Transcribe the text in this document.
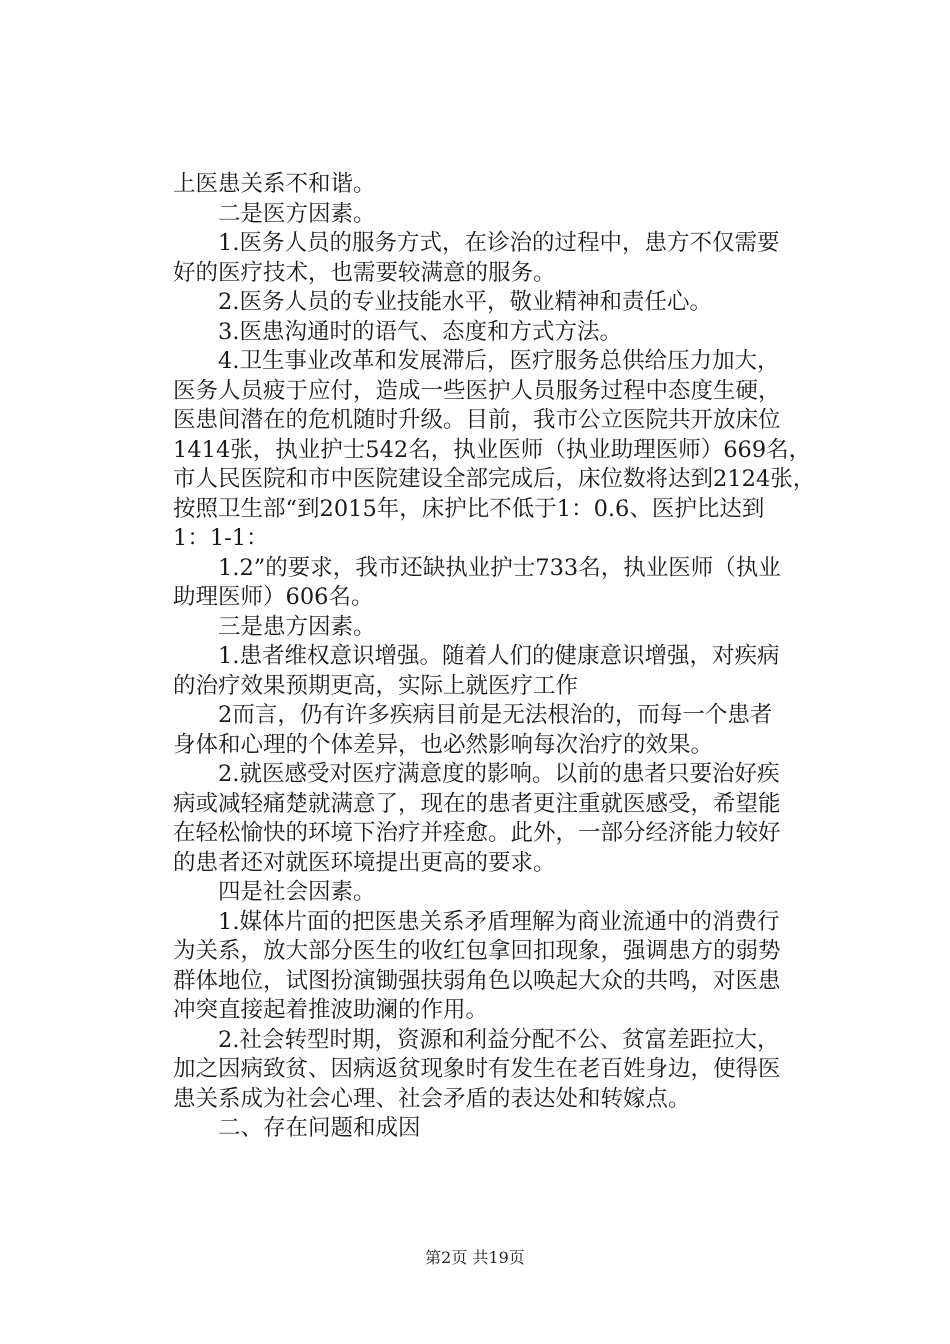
上医患关系不和谐。
二是医方因素。
1.医务人员的服务方式，在诊治的过程中，患方不仅需要
好的医疗技术，也需要较满意的服务。
2.医务人员的专业技能水平，敬业精神和责任心。
3.医患沟通时的语气、态度和方式方法。
4.卫生事业改革和发展滞后，医疗服务总供给压力加大，
医务人员疲于应付，造成一些医护人员服务过程中态度生硬，
医患间潜在的危机随时升级。目前，我市公立医院共开放床位
1414张，执业护士542名，执业医师（执业助理医师）669名，
市人民医院和市中医院建设全部完成后，床位数将达到2124张，
按照卫生部“到2015年，床护比不低于1：0.6、医护比达到
1：1-1：
1.2”的要求，我市还缺执业护士733名，执业医师（执业
助理医师）606名。
三是患方因素。
1.患者维权意识增强。随着人们的健康意识增强，对疾病
的治疗效果预期更高，实际上就医疗工作
2而言，仍有许多疾病目前是无法根治的，而每一个患者
身体和心理的个体差异，也必然影响每次治疗的效果。
2.就医感受对医疗满意度的影响。以前的患者只要治好疾
病或减轻痛楚就满意了，现在的患者更注重就医感受，希望能
在轻松愉快的环境下治疗并痊愈。此外，一部分经济能力较好
的患者还对就医环境提出更高的要求。
四是社会因素。
1.媒体片面的把医患关系矛盾理解为商业流通中的消费行
为关系，放大部分医生的收红包拿回扣现象，强调患方的弱势
群体地位，试图扮演锄强扶弱角色以唤起大众的共鸣，对医患
冲突直接起着推波助澜的作用。
2.社会转型时期，资源和利益分配不公、贫富差距拉大，
加之因病致贫、因病返贫现象时有发生在老百姓身边，使得医
患关系成为社会心理、社会矛盾的表达处和转嫁点。
二、存在问题和成因
第2页 共19页
